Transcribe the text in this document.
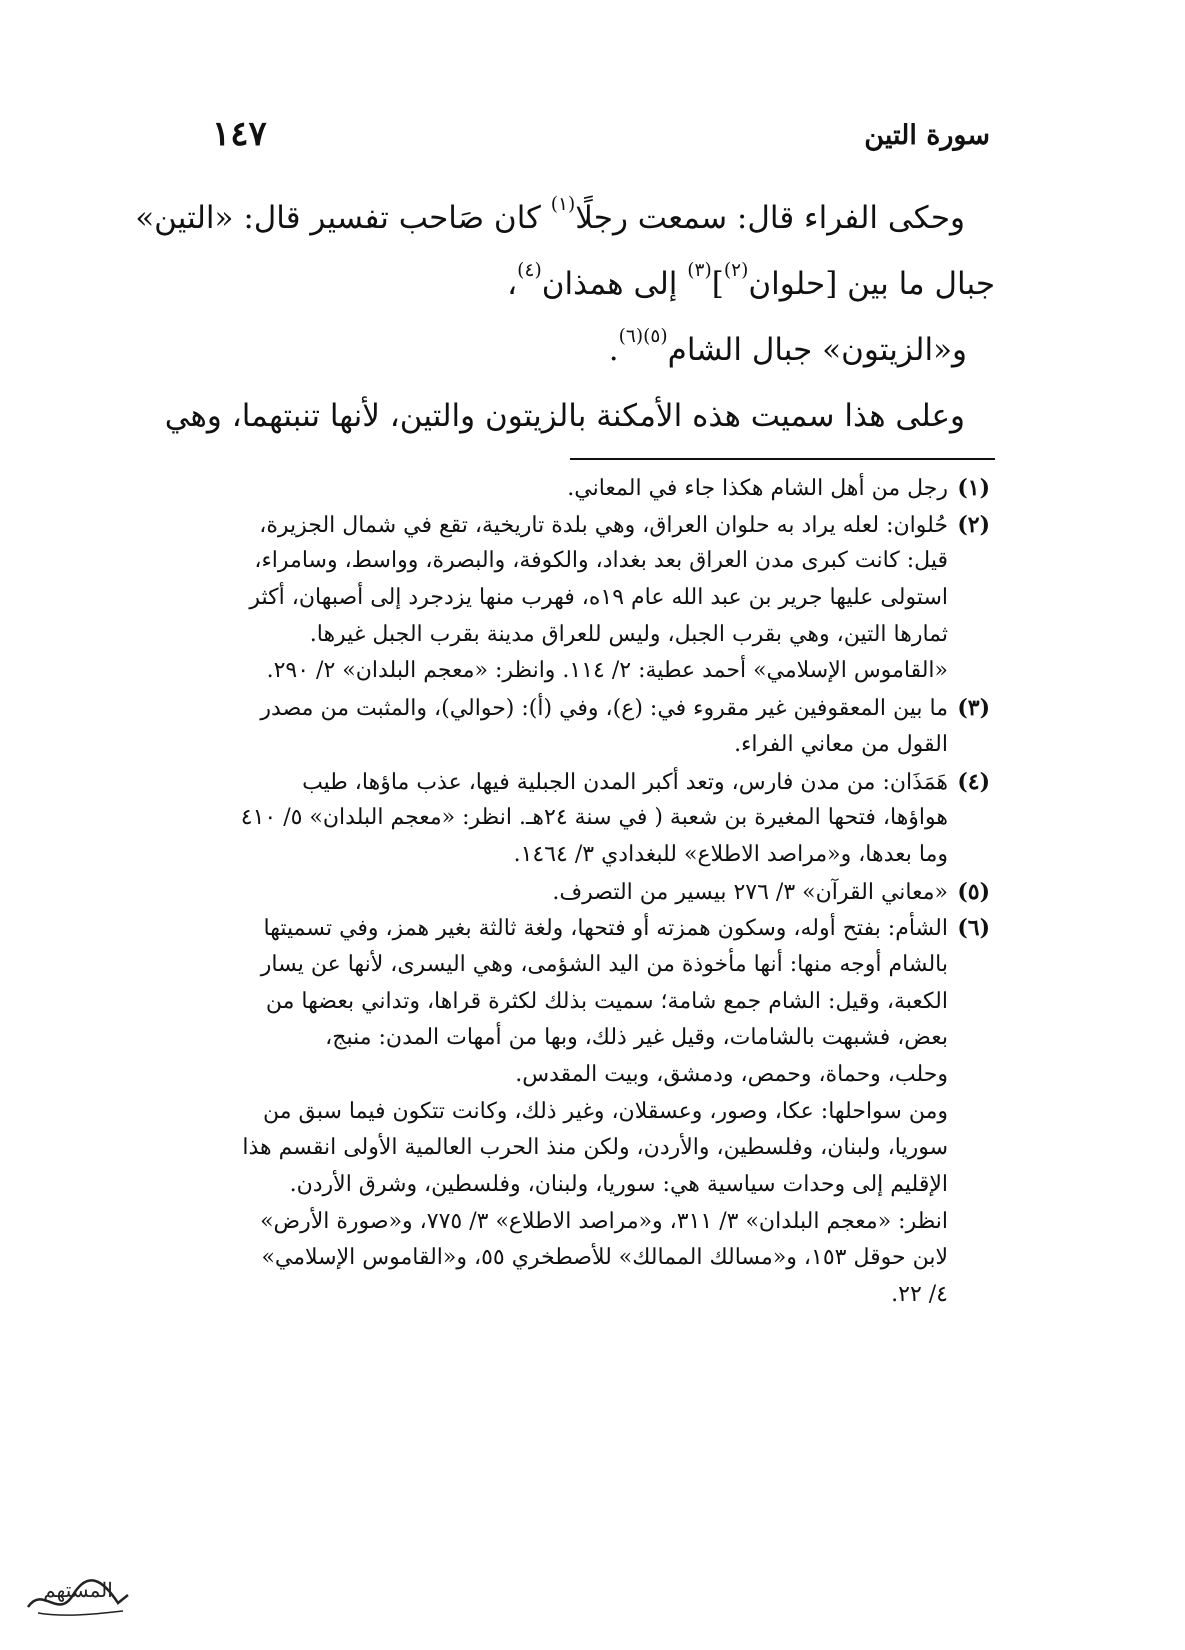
سورة التين
١٤٧
وحكى الفراء قال: سمعت رجلًا$^{(١)}$ كان صَاحب تفسير قال: «التين»
جبال ما بين [حلوان$^{(٢)}$]$^{(٣)}$ إلى همذان$^{(٤)}$،
و«الزيتون» جبال الشام$^{(٥)(٦)}$.
وعلى هذا سميت هذه الأمكنة بالزيتون والتين، لأنها تنبتهما، وهي
(١)رجل من أهل الشام هكذا جاء في المعاني.
(٢)حُلوان: لعله يراد به حلوان العراق، وهي بلدة تاريخية، تقع في شمال الجزيرة،
قيل: كانت كبرى مدن العراق بعد بغداد، والكوفة، والبصرة، وواسط، وسامراء،
استولى عليها جرير بن عبد الله عام ١٩ه، فهرب منها يزدجرد إلى أصبهان، أكثر
ثمارها التين، وهي بقرب الجبل، وليس للعراق مدينة بقرب الجبل غيرها.
«القاموس الإسلامي» أحمد عطية: ٢/ ١١٤. وانظر: «معجم البلدان» ٢/ ٢٩٠.
(٣)ما بين المعقوفين غير مقروء في: (ع)، وفي (أ): (حوالي)، والمثبت من مصدر
القول من معاني الفراء.
(٤)هَمَذَان: من مدن فارس، وتعد أكبر المدن الجبلية فيها، عذب ماؤها، طيب
هواؤها، فتحها المغيرة بن شعبة ( في سنة ٢٤هـ. انظر: «معجم البلدان» ٥/ ٤١٠
وما بعدها، و«مراصد الاطلاع» للبغدادي ٣/ ١٤٦٤.
(٥)«معاني القرآن» ٣/ ٢٧٦ بيسير من التصرف.
(٦)الشأم: بفتح أوله، وسكون همزته أو فتحها، ولغة ثالثة بغير همز، وفي تسميتها
بالشام أوجه منها: أنها مأخوذة من اليد الشؤمى، وهي اليسرى، لأنها عن يسار
الكعبة، وقيل: الشام جمع شامة؛ سميت بذلك لكثرة قراها، وتداني بعضها من
بعض، فشبهت بالشامات، وقيل غير ذلك، وبها من أمهات المدن: منبج،
وحلب، وحماة، وحمص، ودمشق، وبيت المقدس.
ومن سواحلها: عكا، وصور، وعسقلان، وغير ذلك، وكانت تتكون فيما سبق من
سوريا، ولبنان، وفلسطين، والأردن، ولكن منذ الحرب العالمية الأولى انقسم هذا
الإقليم إلى وحدات سياسية هي: سوريا، ولبنان، وفلسطين، وشرق الأردن.
انظر: «معجم البلدان» ٣/ ٣١١، و«مراصد الاطلاع» ٣/ ٧٧٥، و«صورة الأرض»
لابن حوقل ١٥٣، و«مسالك الممالك» للأصطخري ٥٥، و«القاموس الإسلامي»
٤/ ٢٢.
المستهم
